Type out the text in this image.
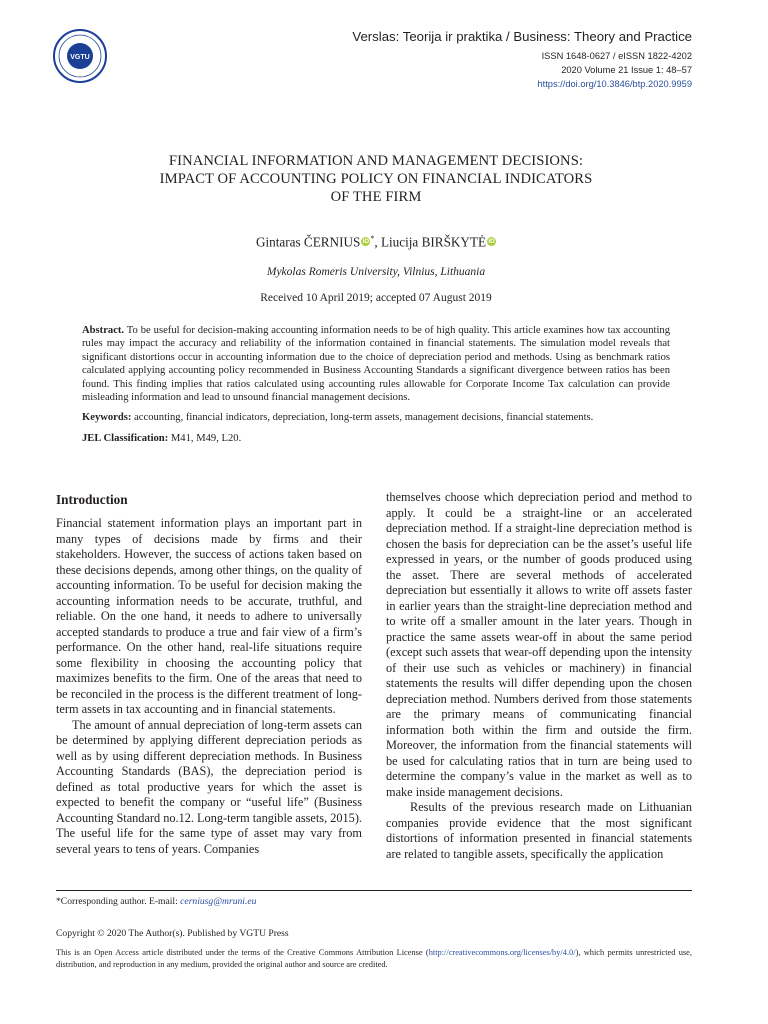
VGTU
Verslas: Teorija ir praktika / Business: Theory and Practice
ISSN 1648-0627 / eISSN 1822-4202
2020 Volume 21 Issue 1: 48–57
https://doi.org/10.3846/btp.2020.9959
FINANCIAL INFORMATION AND MANAGEMENT DECISIONS:
IMPACT OF ACCOUNTING POLICY ON FINANCIAL INDICATORS
OF THE FIRM
Gintaras ČERNIUS iD*, Liucija BIRŠKYTĖ iD
Mykolas Romeris University, Vilnius, Lithuania
Received 10 April 2019; accepted 07 August 2019

Abstract. To be useful for decision-making accounting information needs to be of high quality. This article examines how tax accounting rules may impact the accuracy and reliability of the information contained in financial statements. The simulation model reveals that significant distortions occur in accounting information due to the choice of depreciation period and methods. Using as benchmark ratios calculated applying accounting policy recommended in Business Accounting Standards a significant divergence between ratios has been found. This finding implies that ratios calculated using accounting rules allowable for Corporate Income Tax calculation can provide misleading information and lead to unsound financial management decisions.

Keywords: accounting, financial indicators, depreciation, long-term assets, management decisions, financial statements.

JEL Classification: M41, M49, L20.

Introduction

Financial statement information plays an important part in many types of decisions made by firms and their stakeholders. However, the success of actions taken based on these decisions depends, among other things, on the quality of accounting information. To be useful for decision making the accounting information needs to be accurate, truthful, and reliable. On the one hand, it needs to adhere to universally accepted standards to produce a true and fair view of a firm’s performance. On the other hand, real-life situations require some flexibility in choosing the accounting policy that maximizes benefits to the firm. One of the areas that need to be reconciled in the process is the different treatment of long-term assets in tax accounting and in financial statements.

The amount of annual depreciation of long-term assets can be determined by applying different depreciation periods as well as by using different depreciation methods. In Business Accounting Standards (BAS), the depreciation period is defined as total productive years for which the asset is expected to benefit the company or “useful life” (Business Accounting Standard no.12. Long-term tangible assets, 2015). The useful life for the same type of asset may vary from several years to tens of years. Companies

themselves choose which depreciation period and method to apply. It could be a straight-line or an accelerated depreciation method. If a straight-line depreciation method is chosen the basis for depreciation can be the asset’s useful life expressed in years, or the number of goods produced using the asset. There are several methods of accelerated depreciation but essentially it allows to write off assets faster in earlier years than the straight-line depreciation method and to write off a smaller amount in the later years. Though in practice the same assets wear-off in about the same period (except such assets that wear-off depending upon the intensity of their use such as vehicles or machinery) in financial statements the results will differ depending upon the chosen depreciation method. Numbers derived from those statements are the primary means of communicating financial information both within the firm and outside the firm. Moreover, the information from the financial statements will be used for calculating ratios that in turn are being used to determine the company’s value in the market as well as to make inside management decisions.

Results of the previous research made on Lithuanian companies provide evidence that the most significant distortions of information presented in financial statements are related to tangible assets, specifically the application

*Corresponding author. E-mail: cerniusg@mruni.eu
Copyright © 2020 The Author(s). Published by VGTU Press
This is an Open Access article distributed under the terms of the Creative Commons Attribution License (http://creativecommons.org/licenses/by/4.0/), which permits unrestricted use, distribution, and reproduction in any medium, provided the original author and source are credited.
